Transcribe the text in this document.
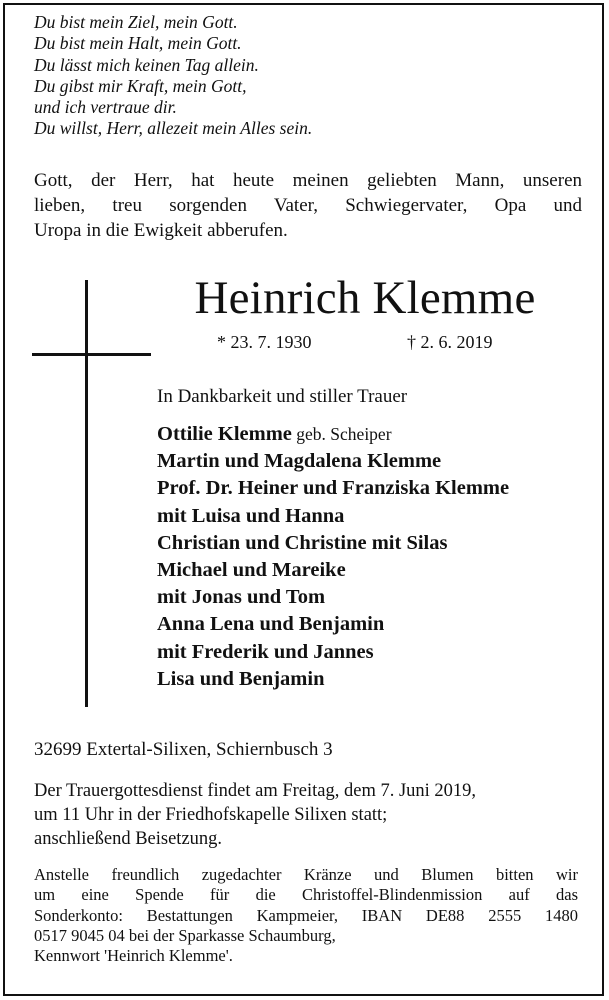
Du bist mein Ziel, mein Gott.
Du bist mein Halt, mein Gott.
Du lässt mich keinen Tag allein.
Du gibst mir Kraft, mein Gott,
und ich vertraue dir.
Du willst, Herr, allezeit mein Alles sein.
Gott, der Herr, hat heute meinen geliebten Mann, unseren
lieben, treu sorgenden Vater, Schwiegervater, Opa und
Uropa in die Ewigkeit abberufen.
Heinrich Klemme
* 23. 7. 1930	† 2. 6. 2019
In Dankbarkeit und stiller Trauer
Ottilie Klemme geb. Scheiper
Martin und Magdalena Klemme
Prof. Dr. Heiner und Franziska Klemme
mit Luisa und Hanna
Christian und Christine mit Silas
Michael und Mareike
mit Jonas und Tom
Anna Lena und Benjamin
mit Frederik und Jannes
Lisa und Benjamin
32699 Extertal-Silixen, Schiernbusch 3
Der Trauergottesdienst findet am Freitag, dem 7. Juni 2019,
um 11 Uhr in der Friedhofskapelle Silixen statt;
anschließend Beisetzung.
Anstelle freundlich zugedachter Kränze und Blumen bitten wir
um eine Spende für die Christoffel-Blindenmission auf das
Sonderkonto: Bestattungen Kampmeier, IBAN DE88 2555 1480
0517 9045 04 bei der Sparkasse Schaumburg,
Kennwort 'Heinrich Klemme'.
